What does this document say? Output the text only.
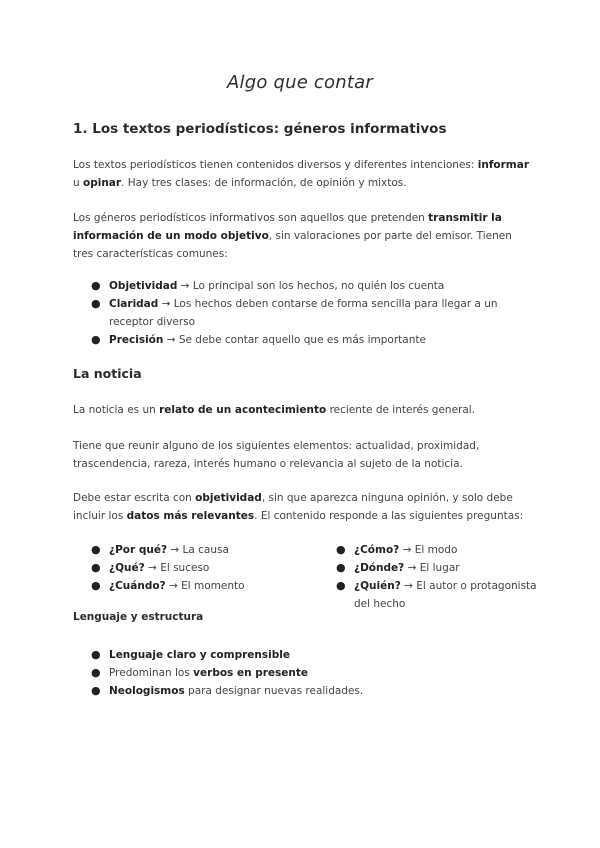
Algo que contar
1. Los textos periodísticos: géneros informativos

Los textos periodísticos tienen contenidos diversos y diferentes intenciones: informar u opinar. Hay tres clases: de información, de opinión y mixtos.

Los géneros periodísticos informativos son aquellos que pretenden transmitir la información de un modo objetivo, sin valoraciones por parte del emisor. Tienen tres características comunes:

● Objetividad → Lo principal son los hechos, no quién los cuenta
● Claridad → Los hechos deben contarse de forma sencilla para llegar a un receptor diverso
● Precisión → Se debe contar aquello que es más importante
La noticia

La noticia es un relato de un acontecimiento reciente de interés general.

Tiene que reunir alguno de los siguientes elementos: actualidad, proximidad, trascendencia, rareza, interés humano o relevancia al sujeto de la noticia.

Debe estar escrita con objetividad, sin que aparezca ninguna opinión, y solo debe incluir los datos más relevantes. El contenido responde a las siguientes preguntas:

● ¿Por qué? → La causa
● ¿Qué? → El suceso
● ¿Cuándo? → El momento
● ¿Cómo? → El modo
● ¿Dónde? → El lugar
● ¿Quién? → El autor o protagonista del hecho
Lenguaje y estructura
● Lenguaje claro y comprensible
● Predominan los verbos en presente
● Neologismos para designar nuevas realidades.
